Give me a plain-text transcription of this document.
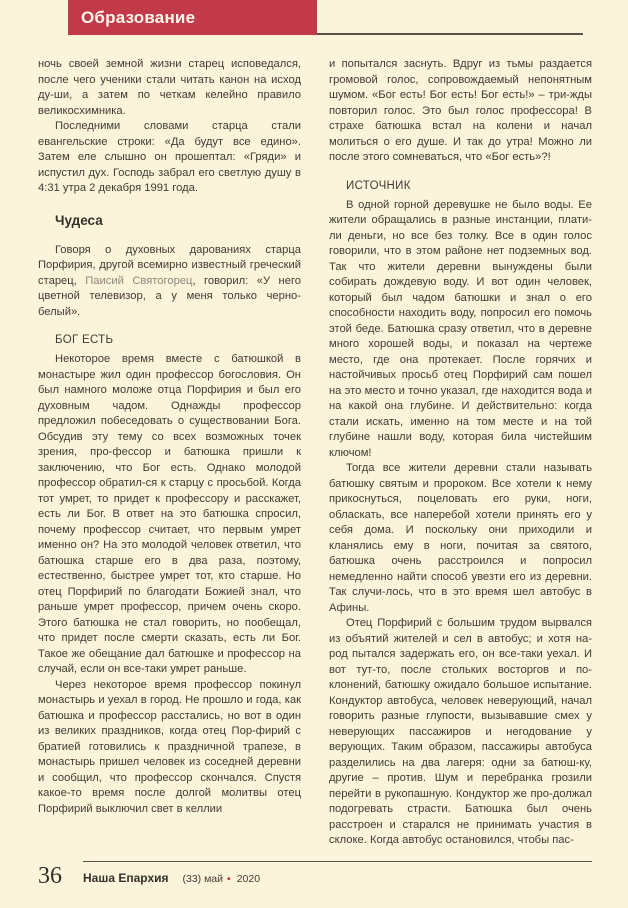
Образование

ночь своей земной жизни старец исповедался, после чего ученики стали читать канон на исход ду-ши, а затем по четкам келейно правило великосхимника.

Последними словами старца стали евангельские строки: «Да будут все едино». Затем еле слышно он прошептал: «Гряди» и испустил дух. Господь забрал его светлую душу в 4:31 утра 2 декабря 1991 года.

Чудеса

Говоря о духовных дарованиях старца Порфирия, другой всемирно известный греческий старец, Паисий Святогорец, говорил: «У него цветной телевизор, а у меня только черно-белый».

БОГ ЕСТЬ

Некоторое время вместе с батюшкой в монастыре жил один профессор богословия. Он был намного моложе отца Порфирия и был его духовным чадом. Однажды профессор предложил побеседовать о существовании Бога. Обсудив эту тему со всех возможных точек зрения, про-фессор и батюшка пришли к заключению, что Бог есть. Однако молодой профессор обратил-ся к старцу с просьбой. Когда тот умрет, то придет к профессору и расскажет, есть ли Бог. В ответ на это батюшка спросил, почему профессор считает, что первым умрет именно он? На это молодой человек ответил, что батюшка старше его в два раза, поэтому, естественно, быстрее умрет тот, кто старше. Но отец Порфирий по благодати Божией знал, что раньше умрет профессор, причем очень скоро. Этого батюшка не стал говорить, но пообещал, что придет после смерти сказать, есть ли Бог. Такое же обещание дал батюшке и профессор на случай, если он все-таки умрет раньше.

Через некоторое время профессор покинул монастырь и уехал в город. Не прошло и года, как батюшка и профессор расстались, но вот в один из великих праздников, когда отец Пор-фирий с братией готовились к праздничной трапезе, в монастырь пришел человек из соседней деревни и сообщил, что профессор скончался. Спустя какое-то время после долгой молитвы отец Порфирий выключил свет в келлии

и попытался заснуть. Вдруг из тьмы раздается громовой голос, сопровождаемый непонятным шумом. «Бог есть! Бог есть! Бог есть!» – три-жды повторил голос. Это был голос профессора! В страхе батюшка встал на колени и начал молиться о его душе. И так до утра! Можно ли после этого сомневаться, что «Бог есть»?!

ИСТОЧНИК

В одной горной деревушке не было воды. Ее жители обращались в разные инстанции, плати-ли деньги, но все без толку. Все в один голос говорили, что в этом районе нет подземных вод. Так что жители деревни вынуждены были собирать дождевую воду. И вот один человек, который был чадом батюшки и знал о его способности находить воду, попросил его помочь этой беде. Батюшка сразу ответил, что в деревне много хорошей воды, и показал на чертеже место, где она протекает. После горячих и настойчивых просьб отец Порфирий сам пошел на это место и точно указал, где находится вода и на какой она глубине. И действительно: когда стали искать, именно на том месте и на той глубине нашли воду, которая била чистейшим ключом!

Тогда все жители деревни стали называть батюшку святым и пророком. Все хотели к нему прикоснуться, поцеловать его руки, ноги, обласкать, все наперебой хотели принять его у себя дома. И поскольку они приходили и кланялись ему в ноги, почитая за святого, батюшка очень расстроился и попросил немедленно найти способ увезти его из деревни. Так случи-лось, что в это время шел автобус в Афины.

Отец Порфирий с большим трудом вырвался из объятий жителей и сел в автобус; и хотя на-род пытался задержать его, он все-таки уехал. И вот тут-то, после стольких восторгов и по-клонений, батюшку ожидало большое испытание. Кондуктор автобуса, человек неверующий, начал говорить разные глупости, вызывавшие смех у неверующих пассажиров и негодование у верующих. Таким образом, пассажиры автобуса разделились на два лагеря: одни за батюш-ку, другие – против. Шум и перебранка грозили перейти в рукопашную. Кондуктор же про-должал подогревать страсти. Батюшка был очень расстроен и старался не принимать участия в склоке. Когда автобус остановился, чтобы пас-

36 Наша Епархия (33) май • 2020
